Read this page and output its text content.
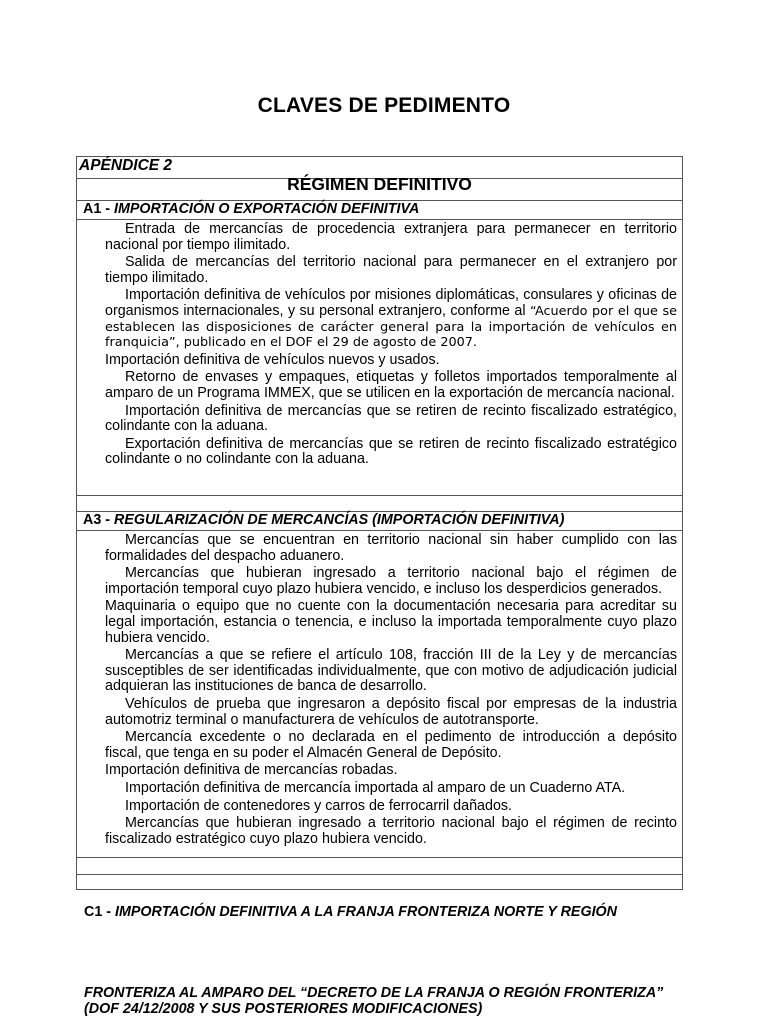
CLAVES DE PEDIMENTO
APÉNDICE 2
RÉGIMEN DEFINITIVO
A1 - IMPORTACIÓN O EXPORTACIÓN DEFINITIVA

Entrada de mercancías de procedencia extranjera para permanecer en territorio nacional por tiempo ilimitado.

Salida de mercancías del territorio nacional para permanecer en el extranjero por tiempo ilimitado.

Importación definitiva de vehículos por misiones diplomáticas, consulares y oficinas de organismos internacionales, y su personal extranjero, conforme al “Acuerdo por el que se establecen las disposiciones de carácter general para la importación de vehículos en franquicia”, publicado en el DOF el 29 de agosto de 2007.

Importación definitiva de vehículos nuevos y usados.

Retorno de envases y empaques, etiquetas y folletos importados temporalmente al amparo de un Programa IMMEX, que se utilicen en la exportación de mercancía nacional.

Importación definitiva de mercancías que se retiren de recinto fiscalizado estratégico, colindante con la aduana.

Exportación definitiva de mercancías que se retiren de recinto fiscalizado estratégico colindante o no colindante con la aduana.

A3 - REGULARIZACIÓN DE MERCANCÍAS (IMPORTACIÓN DEFINITIVA)

Mercancías que se encuentran en territorio nacional sin haber cumplido con las formalidades del despacho aduanero.

Mercancías que hubieran ingresado a territorio nacional bajo el régimen de importación temporal cuyo plazo hubiera vencido, e incluso los desperdicios generados.

Maquinaria o equipo que no cuente con la documentación necesaria para acreditar su legal importación, estancia o tenencia, e incluso la importada temporalmente cuyo plazo hubiera vencido.

Mercancías a que se refiere el artículo 108, fracción III de la Ley y de mercancías susceptibles de ser identificadas individualmente, que con motivo de adjudicación judicial adquieran las instituciones de banca de desarrollo.

Vehículos de prueba que ingresaron a depósito fiscal por empresas de la industria automotriz terminal o manufacturera de vehículos de autotransporte.

Mercancía excedente o no declarada en el pedimento de introducción a depósito fiscal, que tenga en su poder el Almacén General de Depósito.

Importación definitiva de mercancías robadas.

Importación definitiva de mercancía importada al amparo de un Cuaderno ATA.

Importación de contenedores y carros de ferrocarril dañados.

Mercancías que hubieran ingresado a territorio nacional bajo el régimen de recinto fiscalizado estratégico cuyo plazo hubiera vencido.

C1 - IMPORTACIÓN DEFINITIVA A LA FRANJA FRONTERIZA NORTE Y REGIÓN
FRONTERIZA AL AMPARO DEL “DECRETO DE LA FRANJA O REGIÓN FRONTERIZA” (DOF 24/12/2008 Y SUS POSTERIORES MODIFICACIONES)
